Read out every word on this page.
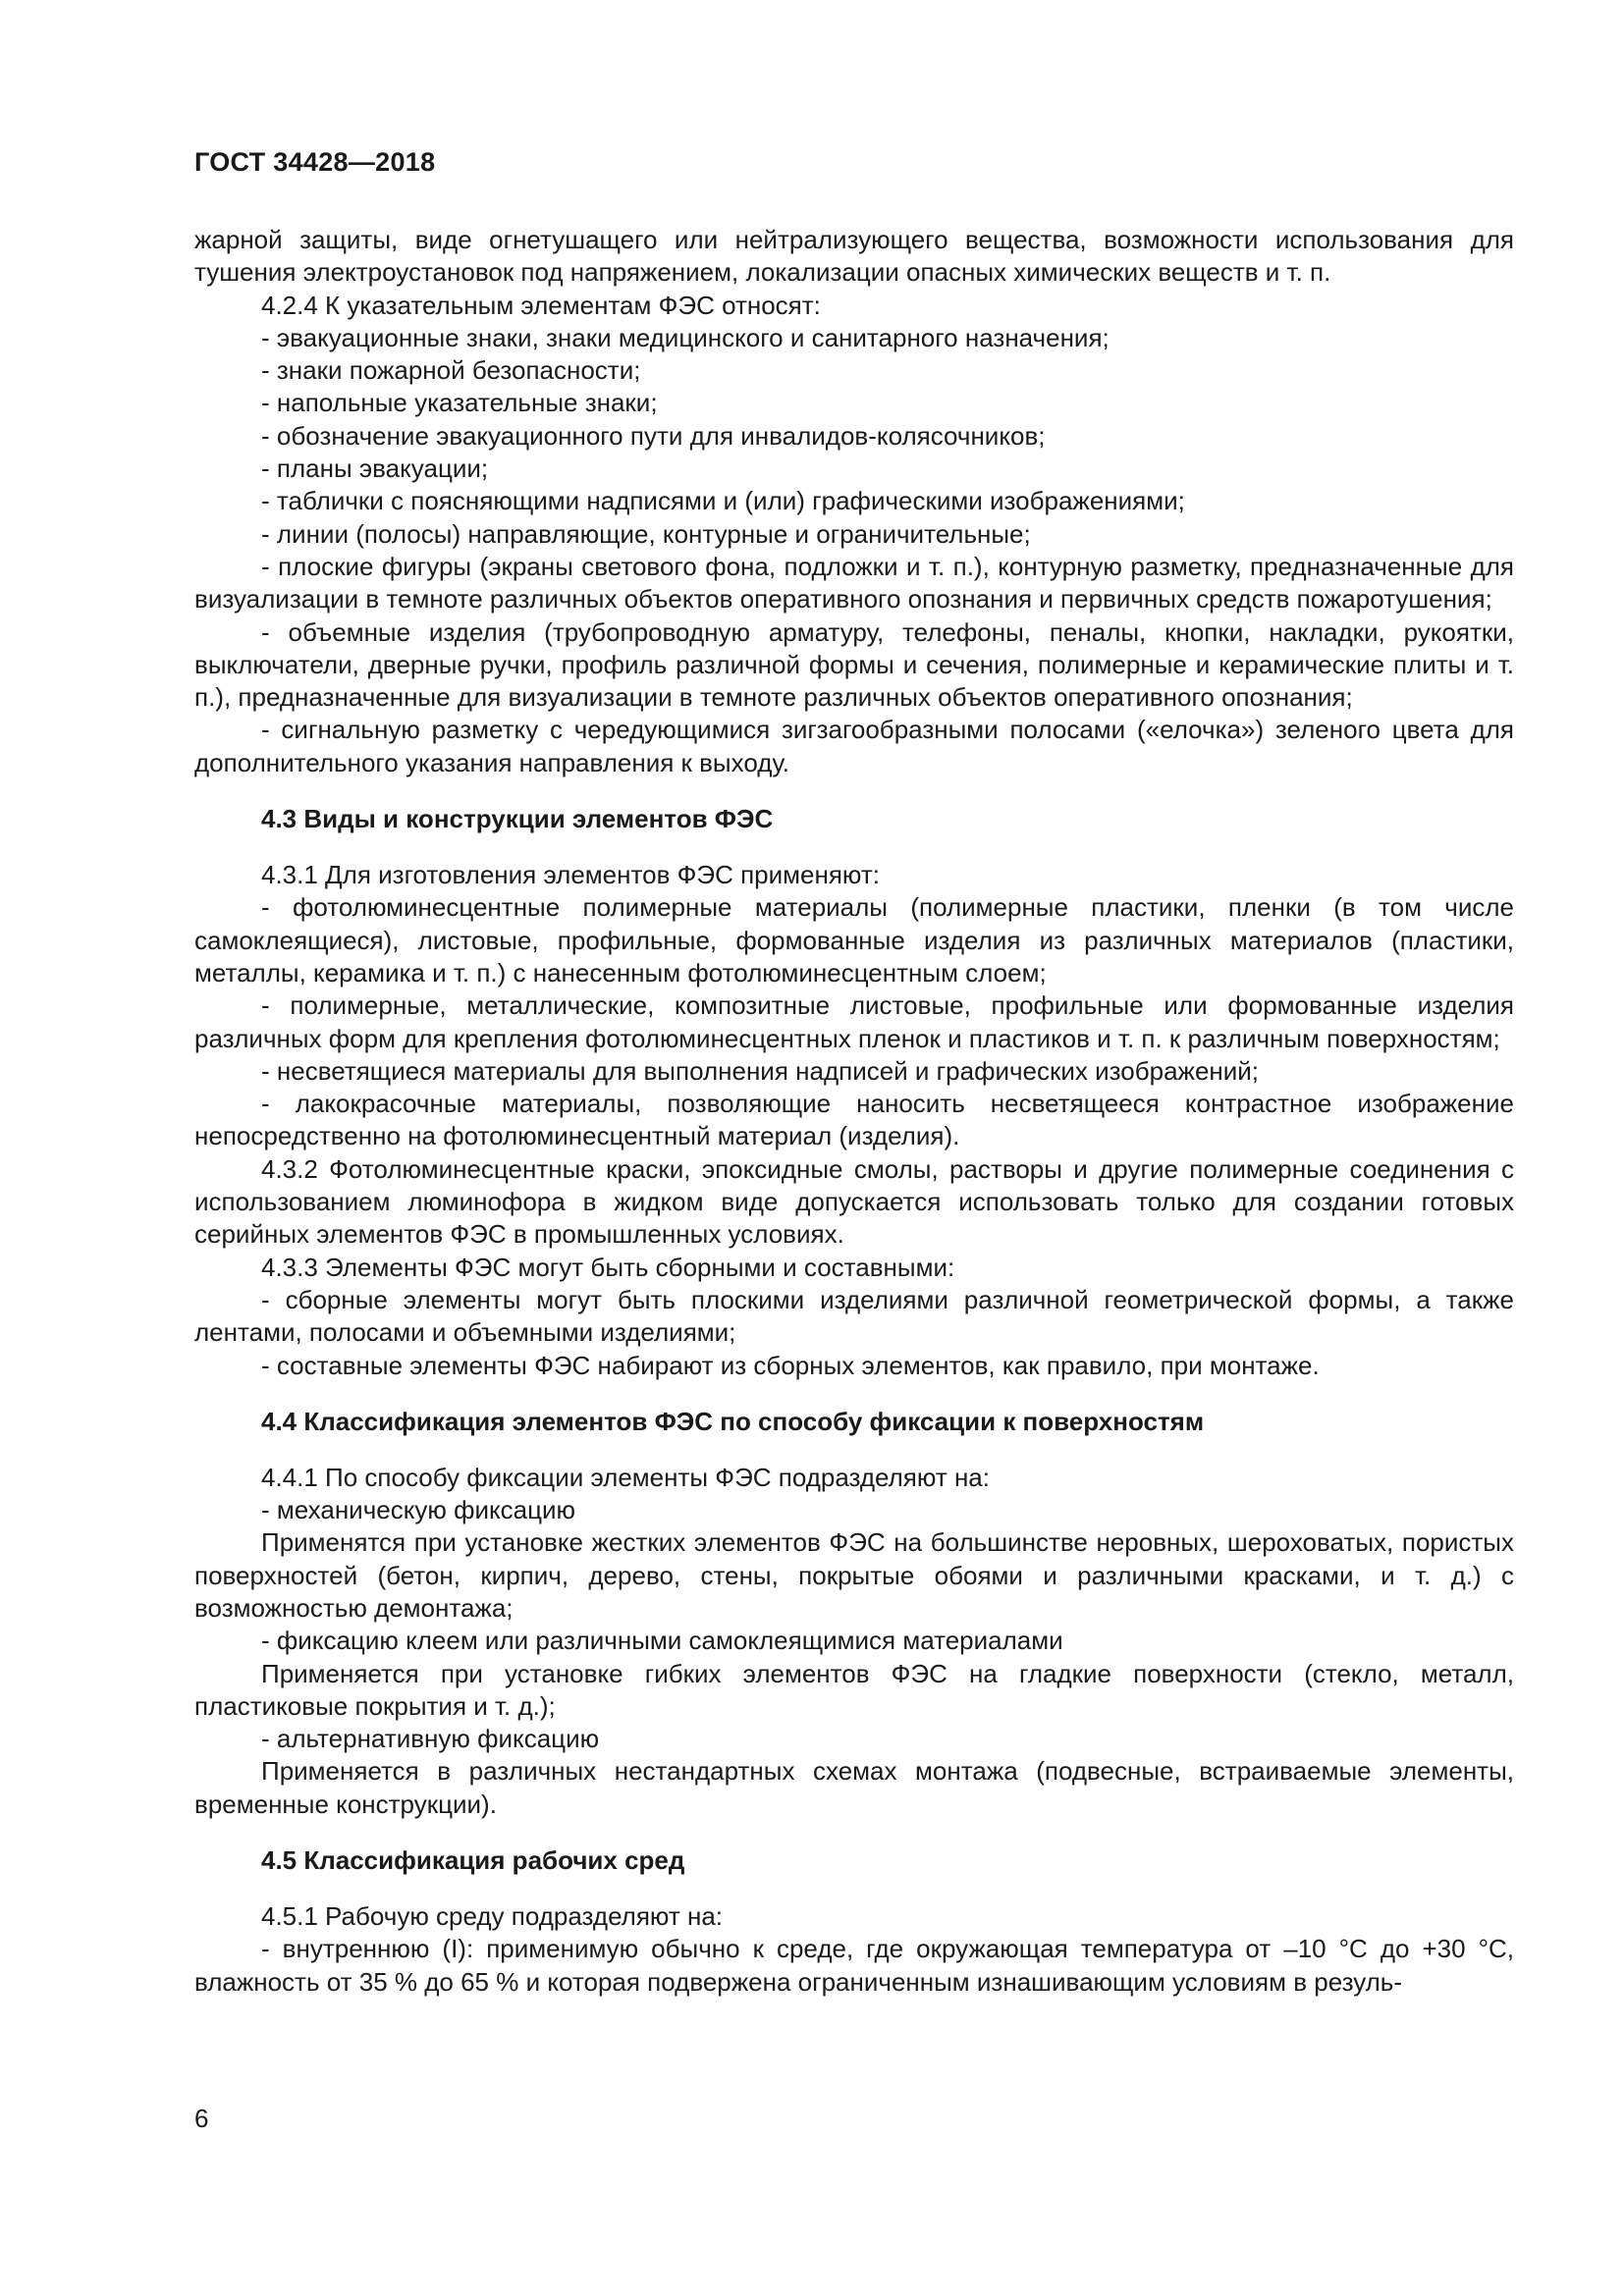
ГОСТ 34428—2018

жарной защиты, виде огнетушащего или нейтрализующего вещества, возможности использования для тушения электроустановок под напряжением, локализации опасных химических веществ и т. п.

4.2.4 К указательным элементам ФЭС относят:

- эвакуационные знаки, знаки медицинского и санитарного назначения;

- знаки пожарной безопасности;

- напольные указательные знаки;

- обозначение эвакуационного пути для инвалидов-колясочников;

- планы эвакуации;

- таблички с поясняющими надписями и (или) графическими изображениями;

- линии (полосы) направляющие, контурные и ограничительные;

- плоские фигуры (экраны светового фона, подложки и т. п.), контурную разметку, предназначенные для визуализации в темноте различных объектов оперативного опознания и первичных средств пожаротушения;

- объемные изделия (трубопроводную арматуру, телефоны, пеналы, кнопки, накладки, рукоятки, выключатели, дверные ручки, профиль различной формы и сечения, полимерные и керамические плиты и т. п.), предназначенные для визуализации в темноте различных объектов оперативного опознания;

- сигнальную разметку с чередующимися зигзагообразными полосами («елочка») зеленого цвета для дополнительного указания направления к выходу.

4.3 Виды и конструкции элементов ФЭС

4.3.1 Для изготовления элементов ФЭС применяют:

- фотолюминесцентные полимерные материалы (полимерные пластики, пленки (в том числе самоклеящиеся), листовые, профильные, формованные изделия из различных материалов (пластики, металлы, керамика и т. п.) с нанесенным фотолюминесцентным слоем;

- полимерные, металлические, композитные листовые, профильные или формованные изделия различных форм для крепления фотолюминесцентных пленок и пластиков и т. п. к различным поверхностям;

- несветящиеся материалы для выполнения надписей и графических изображений;

- лакокрасочные материалы, позволяющие наносить несветящееся контрастное изображение непосредственно на фотолюминесцентный материал (изделия).

4.3.2 Фотолюминесцентные краски, эпоксидные смолы, растворы и другие полимерные соединения с использованием люминофора в жидком виде допускается использовать только для создании готовых серийных элементов ФЭС в промышленных условиях.

4.3.3 Элементы ФЭС могут быть сборными и составными:

- сборные элементы могут быть плоскими изделиями различной геометрической формы, а также лентами, полосами и объемными изделиями;

- составные элементы ФЭС набирают из сборных элементов, как правило, при монтаже.

4.4 Классификация элементов ФЭС по способу фиксации к поверхностям

4.4.1 По способу фиксации элементы ФЭС подразделяют на:

- механическую фиксацию

Применятся при установке жестких элементов ФЭС на большинстве неровных, шероховатых, пористых поверхностей (бетон, кирпич, дерево, стены, покрытые обоями и различными красками, и т. д.) с возможностью демонтажа;

- фиксацию клеем или различными самоклеящимися материалами

Применяется при установке гибких элементов ФЭС на гладкие поверхности (стекло, металл, пластиковые покрытия и т. д.);

- альтернативную фиксацию

Применяется в различных нестандартных схемах монтажа (подвесные, встраиваемые элементы, временные конструкции).

4.5 Классификация рабочих сред

4.5.1 Рабочую среду подразделяют на:

- внутреннюю (I): применимую обычно к среде, где окружающая температура от –10 °С до +30 °С, влажность от 35 % до 65 % и которая подвержена ограниченным изнашивающим условиям в резуль-

6
